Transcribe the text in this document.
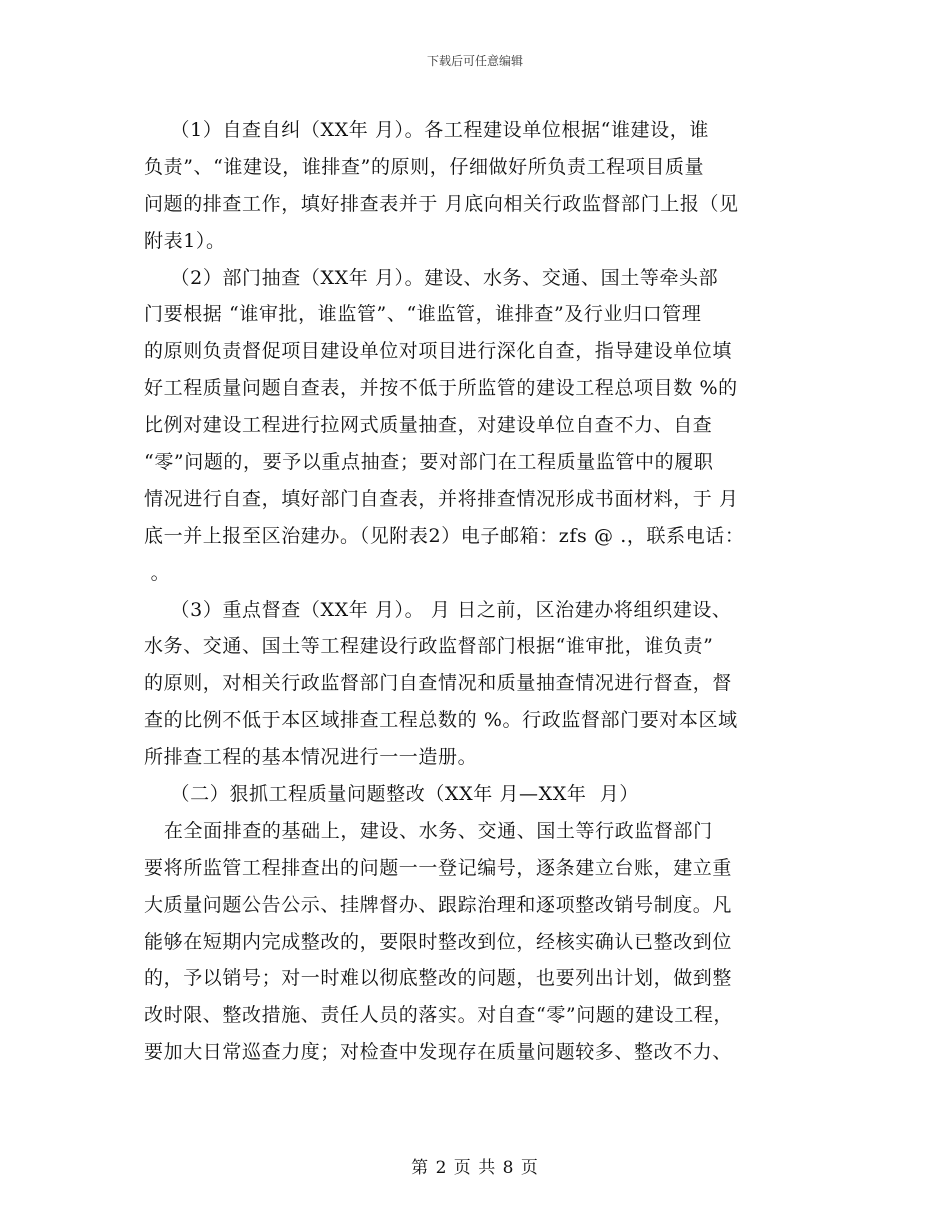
下载后可任意编辑
（1）自查自纠（XX年 月）。各工程建设单位根据“谁建设，谁
负责”、“谁建设，谁排查”的原则，仔细做好所负责工程项目质量
问题的排查工作，填好排查表并于 月底向相关行政监督部门上报（见
附表1）。
（2）部门抽查（XX年 月）。建设、水务、交通、国土等牵头部
门要根据 “谁审批，谁监管”、“谁监管，谁排查”及行业归口管理
的原则负责督促项目建设单位对项目进行深化自查，指导建设单位填
好工程质量问题自查表，并按不低于所监管的建设工程总项目数 %的
比例对建设工程进行拉网式质量抽查，对建设单位自查不力、自查
“零”问题的，要予以重点抽查；要对部门在工程质量监管中的履职
情况进行自查，填好部门自查表，并将排查情况形成书面材料，于 月
底一并上报至区治建办。（见附表2）电子邮箱：zfs @ .，联系电话：
。
（3）重点督查（XX年 月）。 月 日之前，区治建办将组织建设、
水务、交通、国土等工程建设行政监督部门根据“谁审批，谁负责”
的原则，对相关行政监督部门自查情况和质量抽查情况进行督查，督
查的比例不低于本区域排查工程总数的 %。行政监督部门要对本区域
所排查工程的基本情况进行一一造册。
（二）狠抓工程质量问题整改（XX年 月—XX年  月）
在全面排查的基础上，建设、水务、交通、国土等行政监督部门
要将所监管工程排查出的问题一一登记编号，逐条建立台账，建立重
大质量问题公告公示、挂牌督办、跟踪治理和逐项整改销号制度。凡
能够在短期内完成整改的，要限时整改到位，经核实确认已整改到位
的，予以销号；对一时难以彻底整改的问题，也要列出计划，做到整
改时限、整改措施、责任人员的落实。对自查“零”问题的建设工程，
要加大日常巡查力度；对检查中发现存在质量问题较多、整改不力、
第 2 页 共 8 页
